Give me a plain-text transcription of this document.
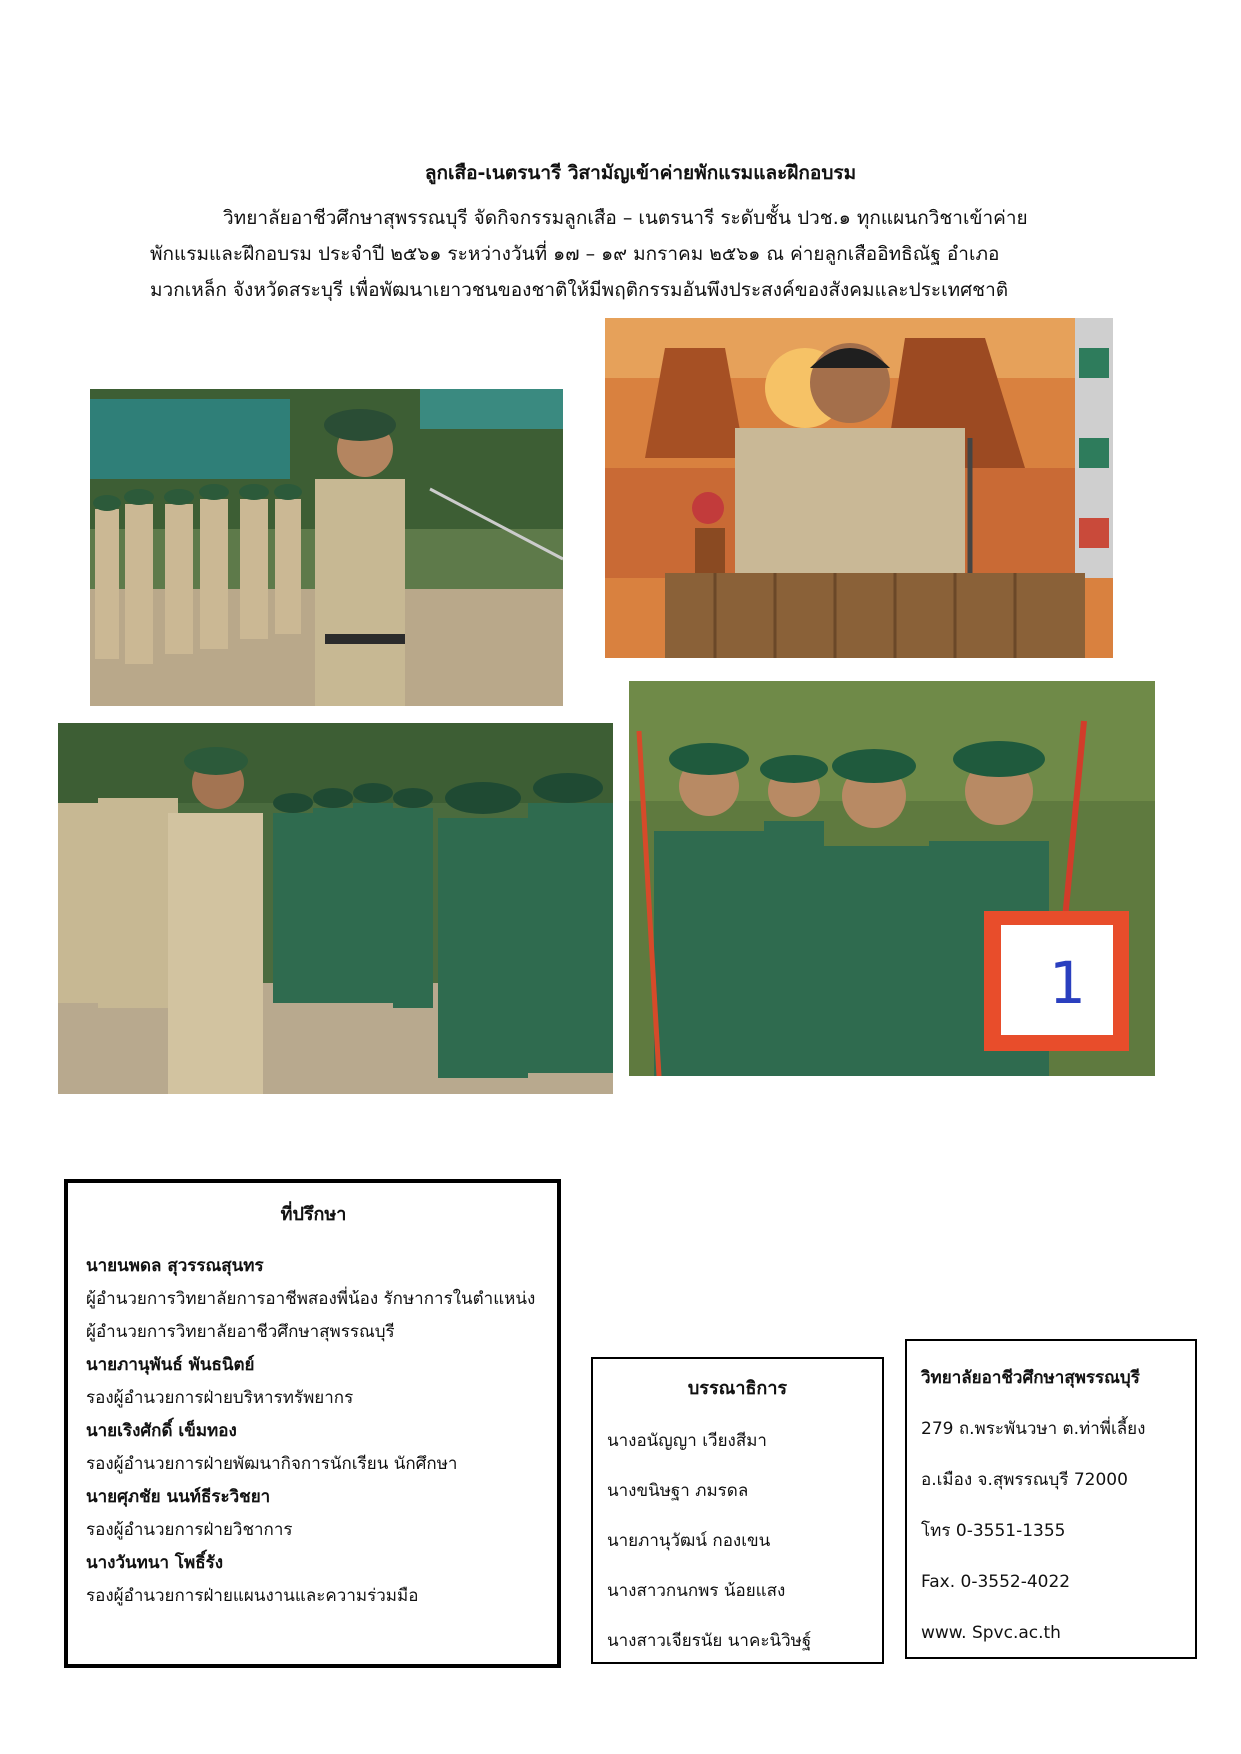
ลูกเสือ-เนตรนารี วิสามัญเข้าค่ายพักแรมและฝึกอบรม
วิทยาลัยอาชีวศึกษาสุพรรณบุรี จัดกิจกรรมลูกเสือ – เนตรนารี ระดับชั้น ปวช.๑ ทุกแผนกวิชาเข้าค่าย
พักแรมและฝึกอบรม ประจำปี ๒๕๖๑ ระหว่างวันที่ ๑๗ – ๑๙ มกราคม ๒๕๖๑ ณ ค่ายลูกเสืออิทธิณัฐ อำเภอ
มวกเหล็ก จังหวัดสระบุรี เพื่อพัฒนาเยาวชนของชาติให้มีพฤติกรรมอันพึงประสงค์ของสังคมและประเทศชาติ
1
ที่ปรึกษา
นายนพดล สุวรรณสุนทร
ผู้อำนวยการวิทยาลัยการอาชีพสองพี่น้อง รักษาการในตำแหน่ง
ผู้อำนวยการวิทยาลัยอาชีวศึกษาสุพรรณบุรี
นายภานุพันธ์ พันธนิตย์
รองผู้อำนวยการฝ่ายบริหารทรัพยากร
นายเริงศักดิ์ เข็มทอง
รองผู้อำนวยการฝ่ายพัฒนากิจการนักเรียน นักศึกษา
นายศุภชัย นนท์ธีระวิชยา
รองผู้อำนวยการฝ่ายวิชาการ
นางวันทนา โพธิ์รัง
รองผู้อำนวยการฝ่ายแผนงานและความร่วมมือ
บรรณาธิการ
นางอนัญญา เวียงสีมา
นางขนิษฐา ภมรดล
นายภานุวัฒน์ กองเขน
นางสาวกนกพร น้อยแสง
นางสาวเจียรนัย นาคะนิวิษฐ์
วิทยาลัยอาชีวศึกษาสุพรรณบุรี
279 ถ.พระพันวษา ต.ท่าพี่เลี้ยง
อ.เมือง จ.สุพรรณบุรี 72000
โทร 0-3551-1355
Fax. 0-3552-4022
www. Spvc.ac.th
